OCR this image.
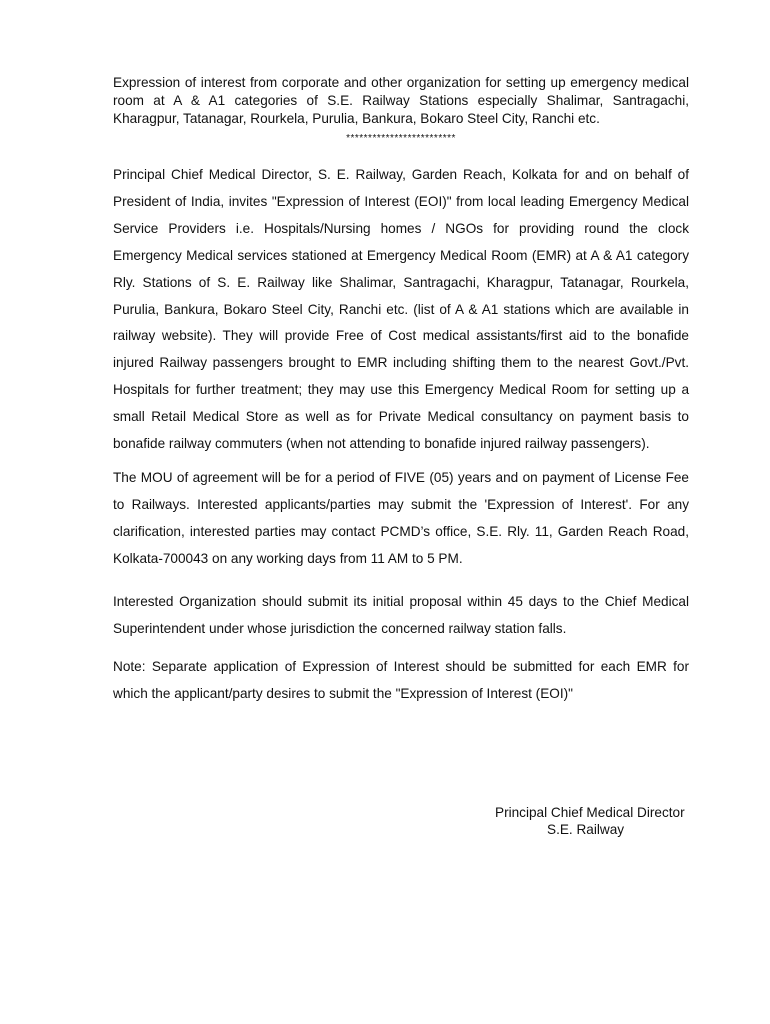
Expression of interest from corporate and other organization for setting up emergency medical room at A & A1 categories of S.E. Railway Stations especially Shalimar, Santragachi, Kharagpur, Tatanagar, Rourkela, Purulia, Bankura, Bokaro Steel City, Ranchi etc.

*************************

Principal Chief Medical Director, S. E. Railway, Garden Reach, Kolkata for and on behalf of President of India, invites "Expression of Interest (EOI)" from local leading Emergency Medical Service Providers i.e. Hospitals/Nursing homes / NGOs for providing round the clock Emergency Medical services stationed at Emergency Medical Room (EMR) at A & A1 category Rly. Stations of S. E. Railway like Shalimar, Santragachi, Kharagpur, Tatanagar, Rourkela, Purulia, Bankura, Bokaro Steel City, Ranchi etc. (list of A & A1 stations which are available in railway website). They will provide Free of Cost medical assistants/first aid to the bonafide injured Railway passengers brought to EMR including shifting them to the nearest Govt./Pvt. Hospitals for further treatment; they may use this Emergency Medical Room for setting up a small Retail Medical Store as well as for Private Medical consultancy on payment basis to bonafide railway commuters (when not attending to bonafide injured railway passengers).

The MOU of agreement will be for a period of FIVE (05) years and on payment of License Fee to Railways. Interested applicants/parties may submit the 'Expression of Interest'. For any clarification, interested parties may contact PCMD’s office, S.E. Rly. 11, Garden Reach Road, Kolkata-700043 on any working days from 11 AM to 5 PM.

Interested Organization should submit its initial proposal within 45 days to the Chief Medical Superintendent under whose jurisdiction the concerned railway station falls.

Note: Separate application of Expression of Interest should be submitted for each EMR for which the applicant/party desires to submit the "Expression of Interest (EOI)"

Principal Chief Medical Director
S.E. Railway
